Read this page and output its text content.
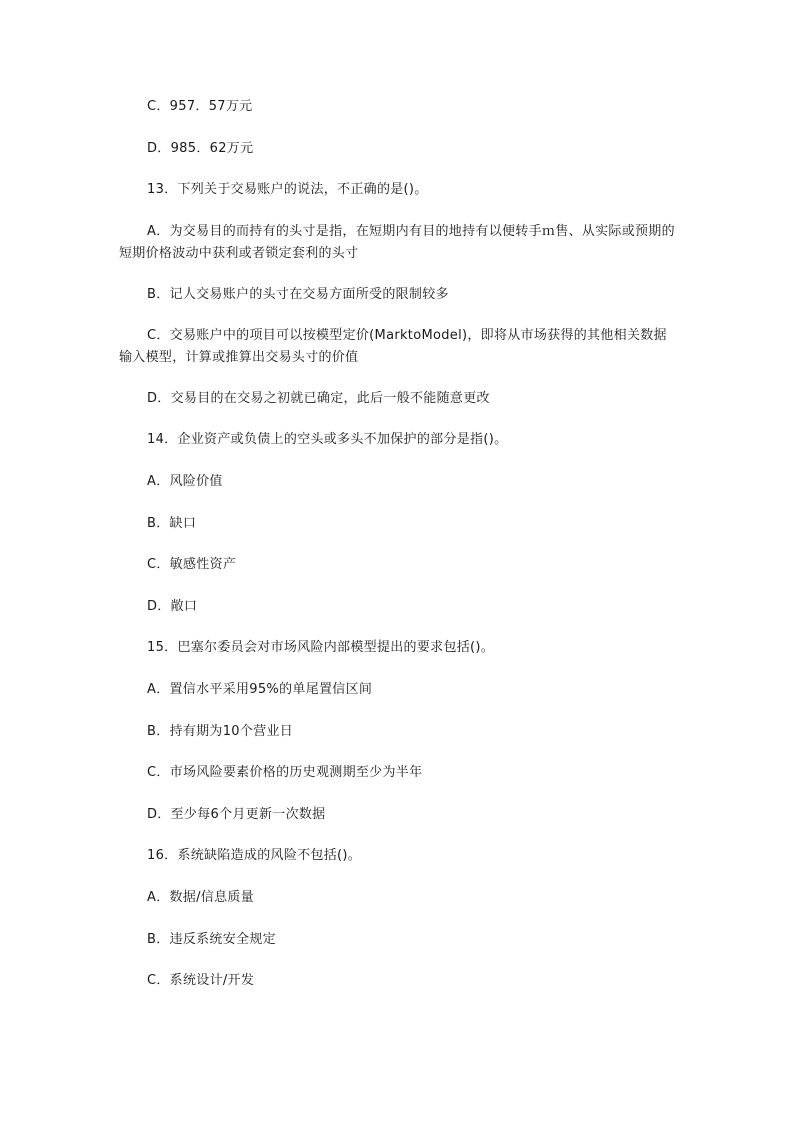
C．957．57万元
D．985．62万元
13．下列关于交易账户的说法，不正确的是()。
A．为交易目的而持有的头寸是指，在短期内有目的地持有以便转手ｍ售、从实际或预期的短期价格波动中获利或者锁定套利的头寸
B．记人交易账户的头寸在交易方面所受的限制较多
C．交易账户中的项目可以按模型定价(MarktoModel)，即将从市场获得的其他相关数据输入模型，计算或推算出交易头寸的价值
D．交易目的在交易之初就已确定，此后一般不能随意更改
14．企业资产或负债上的空头或多头不加保护的部分是指()。
A．风险价值
B．缺口
C．敏感性资产
D．敞口
15．巴塞尔委员会对市场风险内部模型提出的要求包括()。
A．置信水平采用95%的单尾置信区间
B．持有期为10个营业日
C．市场风险要素价格的历史观测期至少为半年
D．至少每6个月更新一次数据
16．系统缺陷造成的风险不包括()。
A．数据/信息质量
B．违反系统安全规定
C．系统设计/开发
